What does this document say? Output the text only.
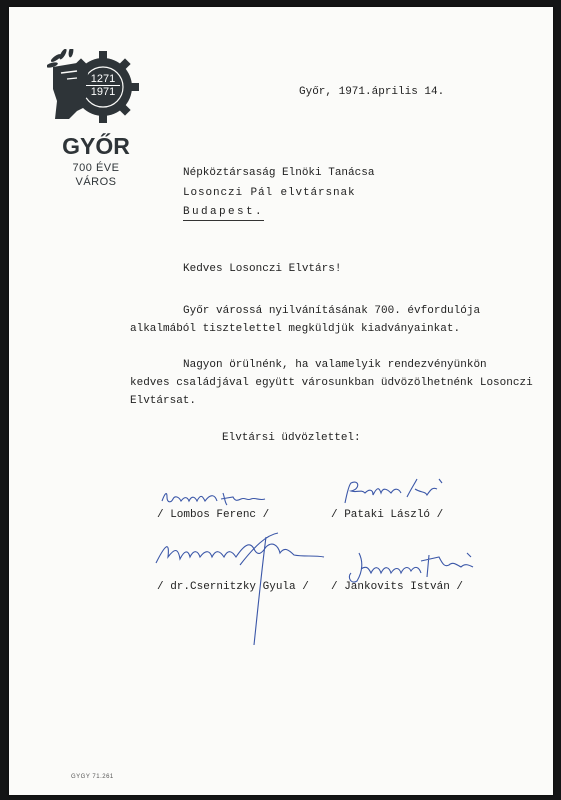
1271
1971
GYŐR
700 ÉVE
VÁROS
Győr, 1971.április 14.
Népköztársaság Elnöki Tanácsa
Losonczi Pál elvtársnak
Budapest.
Kedves Losonczi Elvtárs!
Győr várossá nyilvánításának 700. évfordulója
alkalmából tisztelettel megküldjük kiadványainkat.
Nagyon örülnénk, ha valamelyik rendezvényünkön
kedves családjával együtt városunkban üdvözölhetnénk Losonczi
Elvtársat.
Elvtársi üdvözlettel:
/ Lombos Ferenc /	/ Pataki László /
/ dr.Csernitzky Gyula / / Jankovits István /
GYGY 71.261
